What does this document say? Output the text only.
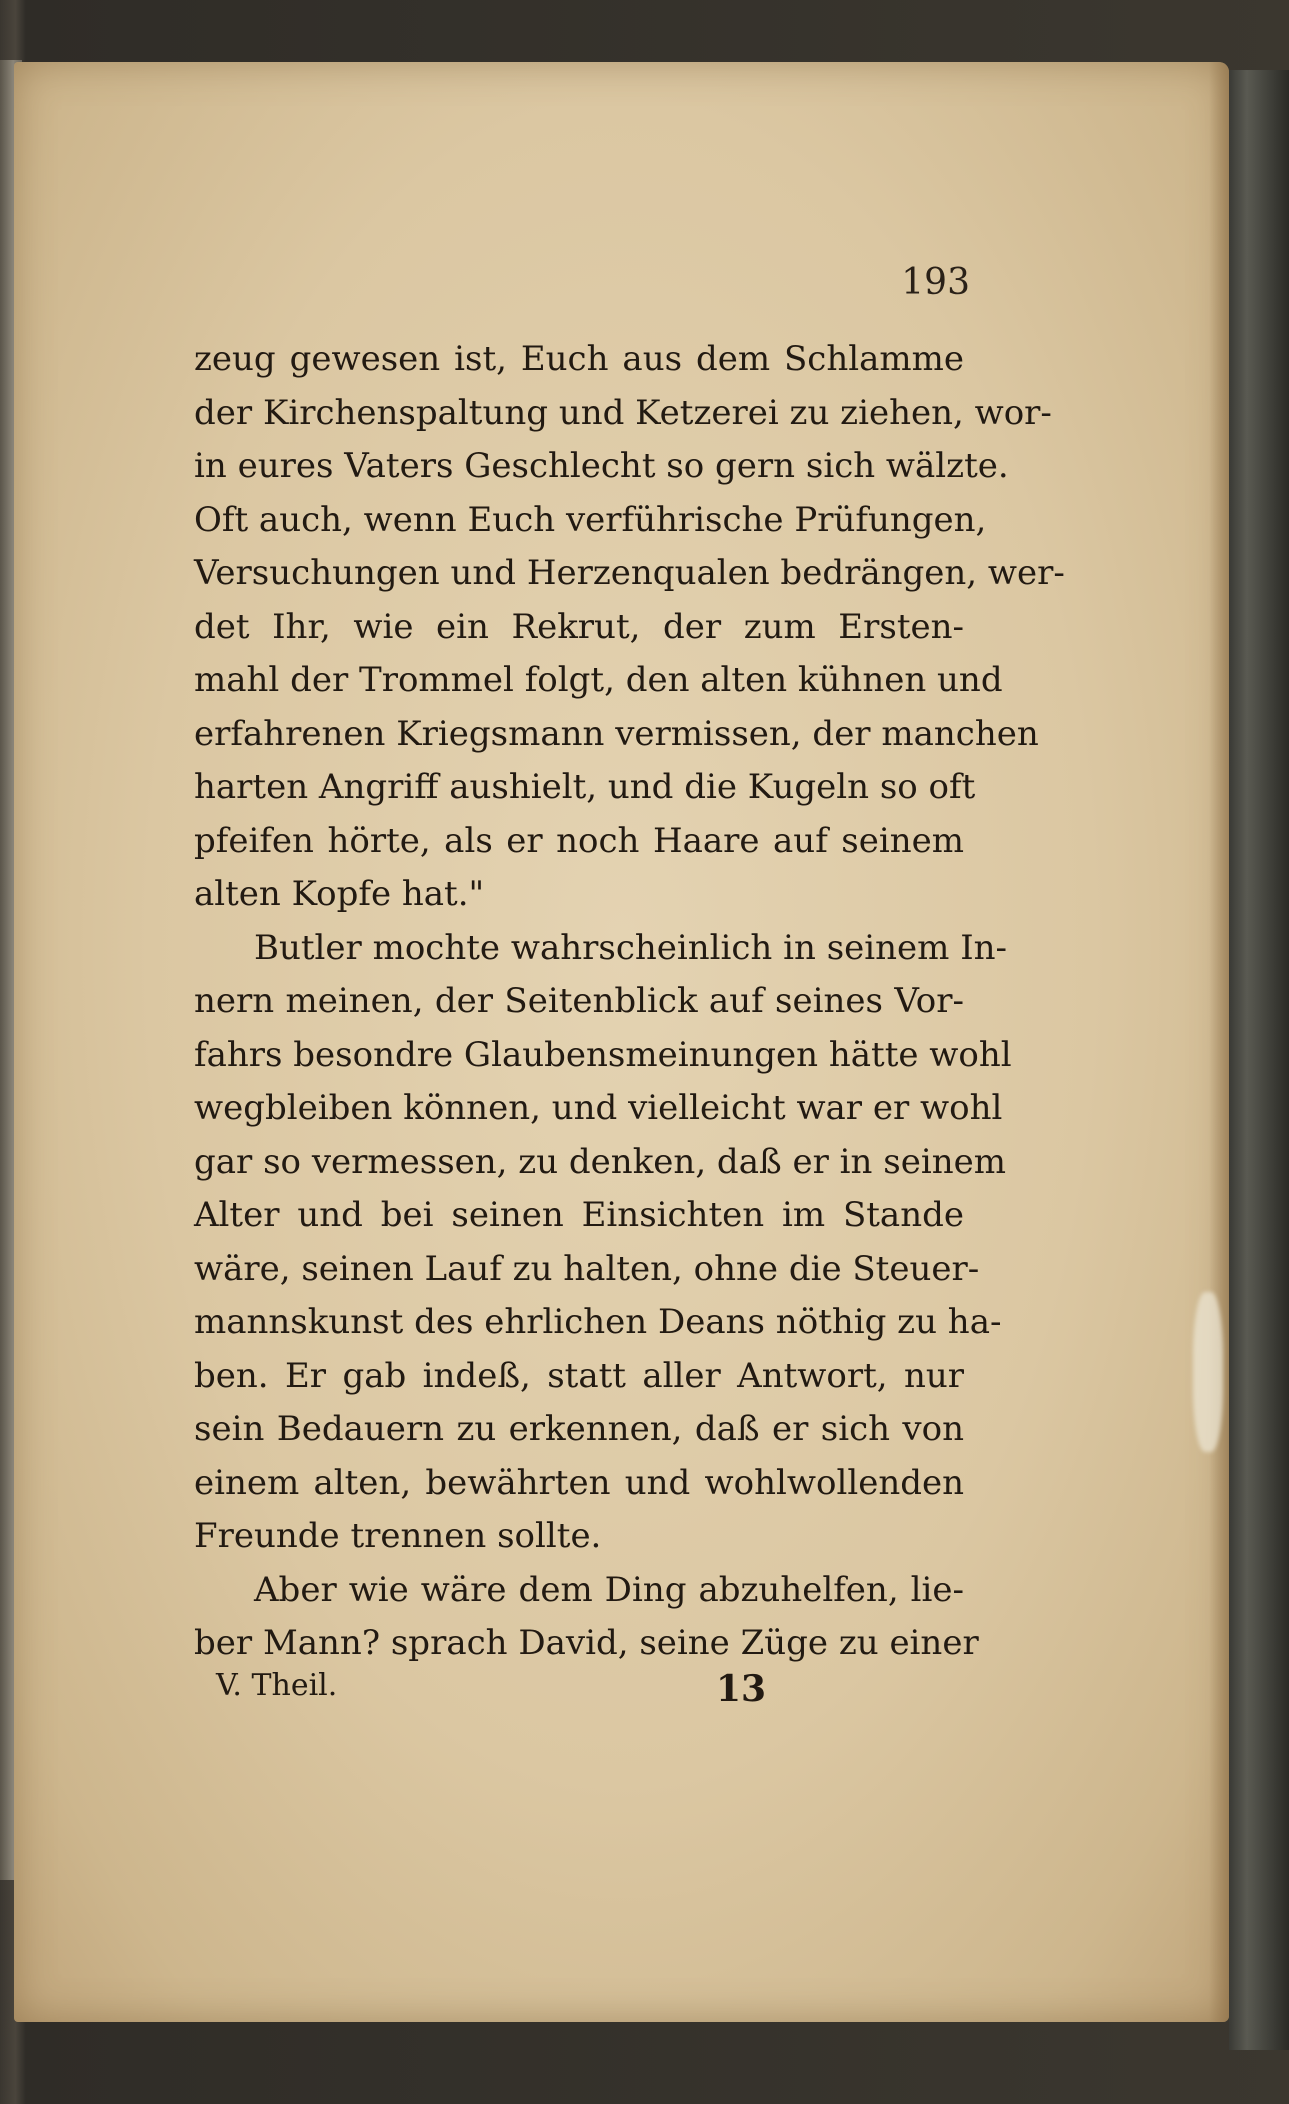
193
zeug gewesen ist, Euch aus dem Schlamme
der Kirchenspaltung und Ketzerei zu ziehen, wor-
in eures Vaters Geschlecht so gern sich wälzte.
Oft auch, wenn Euch verführische Prüfungen,
Versuchungen und Herzenqualen bedrängen, wer-
det Ihr, wie ein Rekrut, der zum Ersten-
mahl der Trommel folgt, den alten kühnen und
erfahrenen Kriegsmann vermissen, der manchen
harten Angriff aushielt, und die Kugeln so oft
pfeifen hörte, als er noch Haare auf seinem
alten Kopfe hat."
Butler mochte wahrscheinlich in seinem In-
nern meinen, der Seitenblick auf seines Vor-
fahrs besondre Glaubensmeinungen hätte wohl
wegbleiben können, und vielleicht war er wohl
gar so vermessen, zu denken, daß er in seinem
Alter und bei seinen Einsichten im Stande
wäre, seinen Lauf zu halten, ohne die Steuer-
mannskunst des ehrlichen Deans nöthig zu ha-
ben. Er gab indeß, statt aller Antwort, nur
sein Bedauern zu erkennen, daß er sich von
einem alten, bewährten und wohlwollenden
Freunde trennen sollte.
Aber wie wäre dem Ding abzuhelfen, lie-
ber Mann? sprach David, seine Züge zu einer
V. Theil.	13
